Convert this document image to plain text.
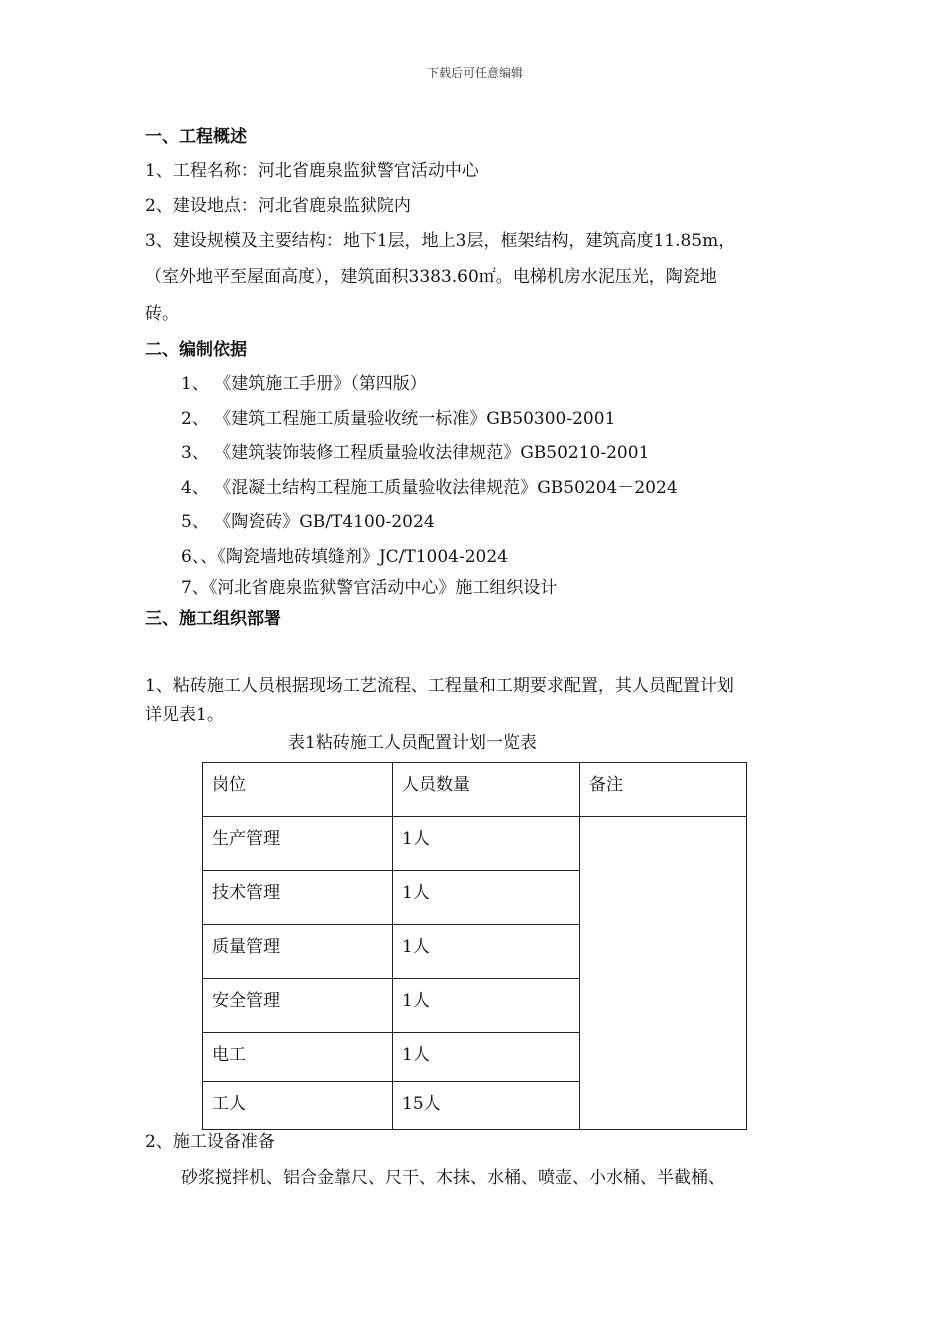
下载后可任意编辑
一、工程概述
1、工程名称：河北省鹿泉监狱警官活动中心
2、建设地点：河北省鹿泉监狱院内
3、建设规模及主要结构：地下1层，地上3层，框架结构，建筑高度11.85m，
（室外地平至屋面高度），建筑面积3383.60㎡。电梯机房水泥压光，陶瓷地
砖。
二、编制依据
1、 《建筑施工手册》（第四版）
2、 《建筑工程施工质量验收统一标准》GB50300-2001
3、 《建筑装饰装修工程质量验收法律规范》GB50210-2001
4、 《混凝土结构工程施工质量验收法律规范》GB50204－2024
5、 《陶瓷砖》GB/T4100-2024
6、、《陶瓷墙地砖填缝剂》JC/T1004-2024
7、《河北省鹿泉监狱警官活动中心》施工组织设计
三、施工组织部署
1、粘砖施工人员根据现场工艺流程、工程量和工期要求配置，其人员配置计划
详见表1。
表1粘砖施工人员配置计划一览表
岗位	人员数量	备注

生产管理	1人	

技术管理	1人	

质量管理	1人	

安全管理	1人	

电工	1人	

工人	15人	
2、施工设备准备
砂浆搅拌机、铝合金靠尺、尺干、木抹、水桶、喷壶、小水桶、半截桶、
